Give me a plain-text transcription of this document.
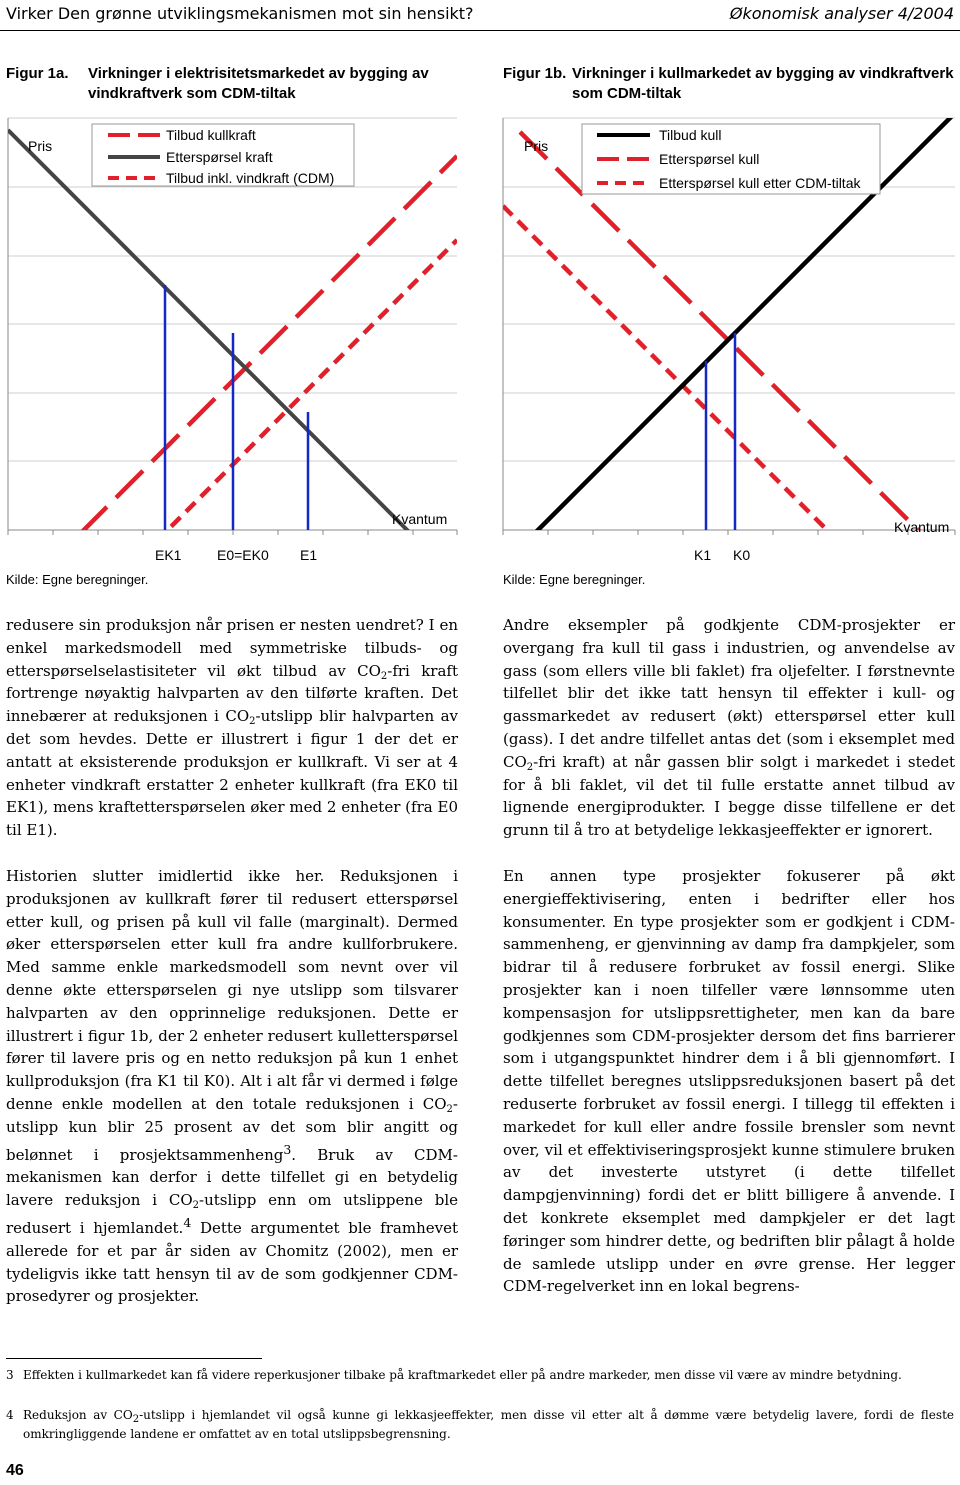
Virker Den grønne utviklingsmekanismen mot sin hensikt?	Økonomisk analyser 4/2004
Figur 1a. Virkninger i elektrisitetsmarkedet av bygging av
vindkraftverk som CDM-tiltak
Figur 1b. Virkninger i kullmarkedet av bygging av vindkraftverk
som CDM-tiltak
Tilbud kullkraft
Etterspørsel kraft
Tilbud inkl. vindkraft (CDM)
Pris
Kvantum
EK1	E0=EK0 E1
Tilbud kull
Etterspørsel kull
Etterspørsel kull etter CDM-tiltak
Pris
Kvantum
K1 K0
Kilde: Egne beregninger.	Kilde: Egne beregninger.

redusere sin produksjon når prisen er nesten uendret? I en enkel markedsmodell med symmetriske tilbuds- og etterspørselselastisiteter vil økt tilbud av $CO_2$-fri kraft fortrenge nøyaktig halvparten av den tilførte kraften. Det innebærer at reduksjonen i $CO_2$-utslipp blir halvparten av det som hevdes. Dette er illustrert i figur 1 der det er antatt at eksisterende produksjon er kullkraft. Vi ser at 4 enheter vindkraft erstatter 2 enheter kullkraft (fra EK0 til EK1), mens kraftetterspørselen øker med 2 enheter (fra E0 til E1).

Historien slutter imidlertid ikke her. Reduksjonen i produksjonen av kullkraft fører til redusert etterspørsel etter kull, og prisen på kull vil falle (marginalt). Dermed øker etterspørselen etter kull fra andre kullforbrukere. Med samme enkle markedsmodell som nevnt over vil denne økte etterspørselen gi nye utslipp som tilsvarer halvparten av den opprinnelige reduksjonen. Dette er illustrert i figur 1b, der 2 enheter redusert kulletterspørsel fører til lavere pris og en netto reduksjon på kun 1 enhet kullproduksjon (fra K1 til K0). Alt i alt får vi dermed i følge denne enkle modellen at den totale reduksjonen i $CO_2$-utslipp kun blir 25 prosent av det som blir angitt og belønnet i prosjektsammenheng$^3$. Bruk av CDM-mekanismen kan derfor i dette tilfellet gi en betydelig lavere reduksjon i $CO_2$-utslipp enn om utslippene ble redusert i hjemlandet.$^4$ Dette argumentet ble framhevet allerede for et par år siden av Chomitz (2002), men er tydeligvis ikke tatt hensyn til av de som godkjenner CDM-prosedyrer og prosjekter.

Andre eksempler på godkjente CDM-prosjekter er overgang fra kull til gass i industrien, og anvendelse av gass (som ellers ville bli faklet) fra oljefelter. I førstnevnte tilfellet blir det ikke tatt hensyn til effekter i kull- og gassmarkedet av redusert (økt) etterspørsel etter kull (gass). I det andre tilfellet antas det (som i eksemplet med $CO_2$-fri kraft) at når gassen blir solgt i markedet i stedet for å bli faklet, vil det til fulle erstatte annet tilbud av lignende energiprodukter. I begge disse tilfellene er det grunn til å tro at betydelige lekkasjeeffekter er ignorert.

En annen type prosjekter fokuserer på økt energieffektivisering, enten i bedrifter eller hos konsumenter. En type prosjekter som er godkjent i CDM-sammenheng, er gjenvinning av damp fra dampkjeler, som bidrar til å redusere forbruket av fossil energi. Slike prosjekter kan i noen tilfeller være lønnsomme uten kompensasjon for utslippsrettigheter, men kan da bare godkjennes som CDM-prosjekter dersom det fins barrierer som i utgangspunktet hindrer dem i å bli gjennomført. I dette tilfellet beregnes utslippsreduksjonen basert på det reduserte forbruket av fossil energi. I tillegg til effekten i markedet for kull eller andre fossile brensler som nevnt over, vil et effektiviseringsprosjekt kunne stimulere bruken av det investerte utstyret (i dette tilfellet dampgjenvinning) fordi det er blitt billigere å anvende. I det konkrete eksemplet med dampkjeler er det lagt føringer som hindrer dette, og bedriften blir pålagt å holde de samlede utslipp under en øvre grense. Her legger CDM-regelverket inn en lokal begrens-

3 Effekten i kullmarkedet kan få videre reperkusjoner tilbake på kraftmarkedet eller på andre markeder, men disse vil være av mindre betydning.
4 Reduksjon av $CO_2$-utslipp i hjemlandet vil også kunne gi lekkasjeeffekter, men disse vil etter alt å dømme være betydelig lavere, fordi de fleste omkringliggende landene er omfattet av en total utslippsbegrensning.
46
